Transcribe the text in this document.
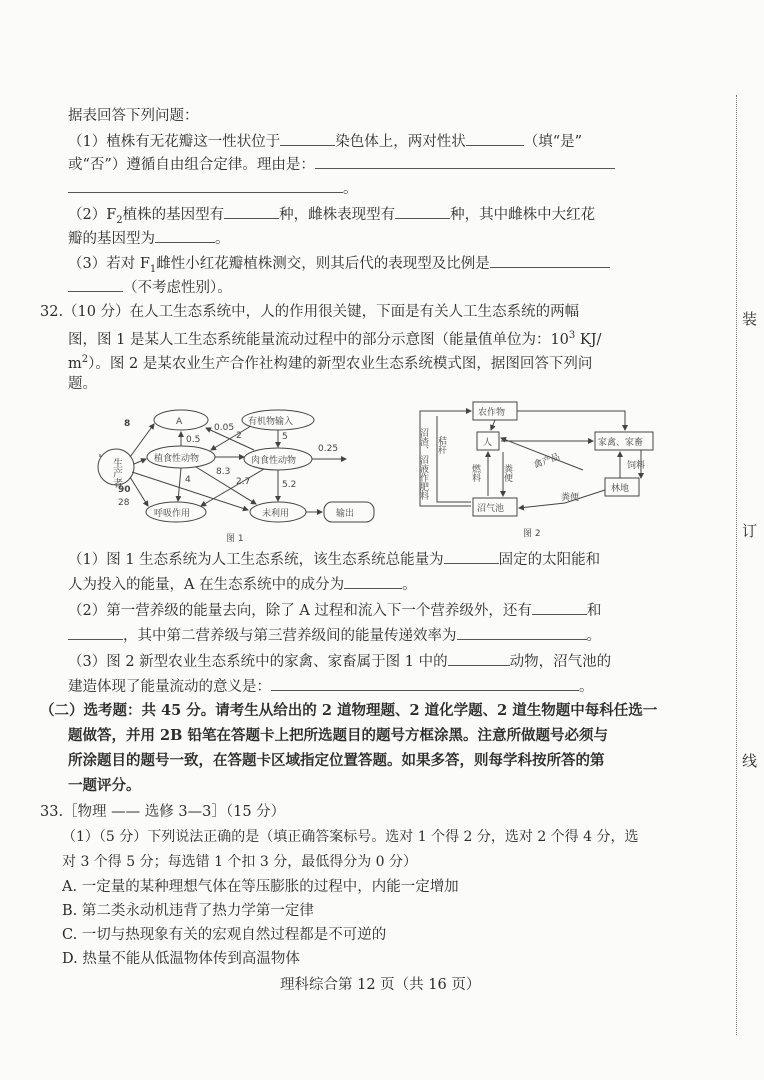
据表回答下列问题：
（1）植株有无花瓣这一性状位于	染色体上，两对性状	（填“是”
或“否”）遵循自由组合定律。理由是：
。
$(2)F_2$植株的基因型有	种，雌株表现型有	种，其中雌株中大红花
瓣的基因型为	。
（3）若对 $F_1$雌性小红花瓣植株测交，则其后代的表现型及比例是
（不考虑性别）。
32.（10 分）在人工生态系统中，人的作用很关键，下面是有关人工生态系统的两幅
图，图 1 是某人工生态系统能量流动过程中的部分示意图（能量值单位为：$10^3$ KJ/
$m^2$）。图 2 是某农业生产合作社构建的新型农业生态系统模式图，据图回答下列问
题。
生产者
A
植食性动物
有机物输入
肉食性动物
呼吸作用	未利用	输出
8
0.5
0.05
2	5
0.25
4
8.3
90
28
2.7	5.2
图 1
农作物
人	家禽、家畜
沼气池
林地
沼渣、沼液作肥料 秸秆
燃料 粪便
禽产品	饲料
粪便
图 2
（1）图 1 生态系统为人工生态系统，该生态系统总能量为	固定的太阳能和
人为投入的能量，A 在生态系统中的成分为	。
（2）第一营养级的能量去向，除了 A 过程和流入下一个营养级外，还有	和
，其中第二营养级与第三营养级间的能量传递效率为	。
（3）图 2 新型农业生态系统中的家禽、家畜属于图 1 中的	动物，沼气池的
建造体现了能量流动的意义是：	。
（二）选考题：共 45 分。请考生从给出的 2 道物理题、2 道化学题、2 道生物题中每科任选一
题做答，并用 2B 铅笔在答题卡上把所选题目的题号方框涂黑。注意所做题号必须与
所涂题目的题号一致，在答题卡区域指定位置答题。如果多答，则每学科按所答的第
一题评分。
33.［物理 —— 选修 3—3］（15 分）
（1）（5 分）下列说法正确的是（填正确答案标号。选对 1 个得 2 分，选对 2 个得 4 分，选
对 3 个得 5 分；每选错 1 个扣 3 分，最低得分为 0 分）
A. 一定量的某种理想气体在等压膨胀的过程中，内能一定增加
B. 第二类永动机违背了热力学第一定律
C. 一切与热现象有关的宏观自然过程都是不可逆的
D. 热量不能从低温物体传到高温物体
装
订
线
理科综合第 12 页（共 16 页）
